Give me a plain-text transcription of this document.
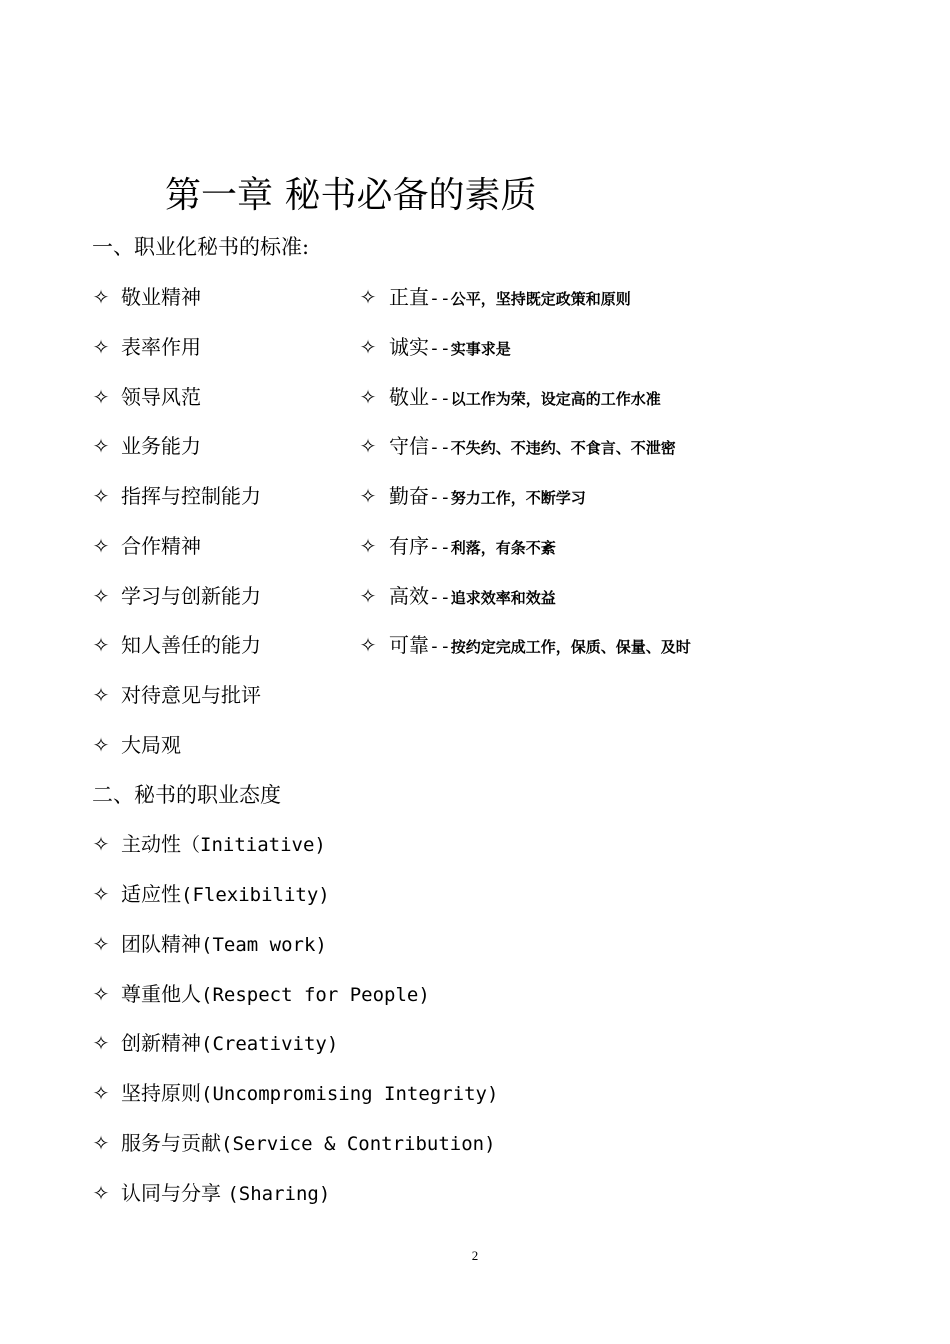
第一章 秘书必备的素质
一、职业化秘书的标准:
✧ 敬业精神	✧ 正直--公平，坚持既定政策和原则
✧ 表率作用	✧ 诚实--实事求是
✧ 领导风范	✧ 敬业--以工作为荣，设定高的工作水准
✧ 业务能力	✧ 守信--不失约、不违约、不食言、不泄密
✧ 指挥与控制能力	✧ 勤奋--努力工作，不断学习
✧ 合作精神	✧ 有序--利落，有条不紊
✧ 学习与创新能力	✧ 高效--追求效率和效益
✧ 知人善任的能力	✧ 可靠--按约定完成工作，保质、保量、及时
✧ 对待意见与批评
✧ 大局观
二、秘书的职业态度
✧ 主动性（Initiative)
✧ 适应性(Flexibility)
✧ 团队精神(Team work)
✧ 尊重他人(Respect for People)
✧ 创新精神(Creativity)
✧ 坚持原则(Uncompromising Integrity)
✧ 服务与贡献(Service & Contribution)
✧ 认同与分享 (Sharing)
2
